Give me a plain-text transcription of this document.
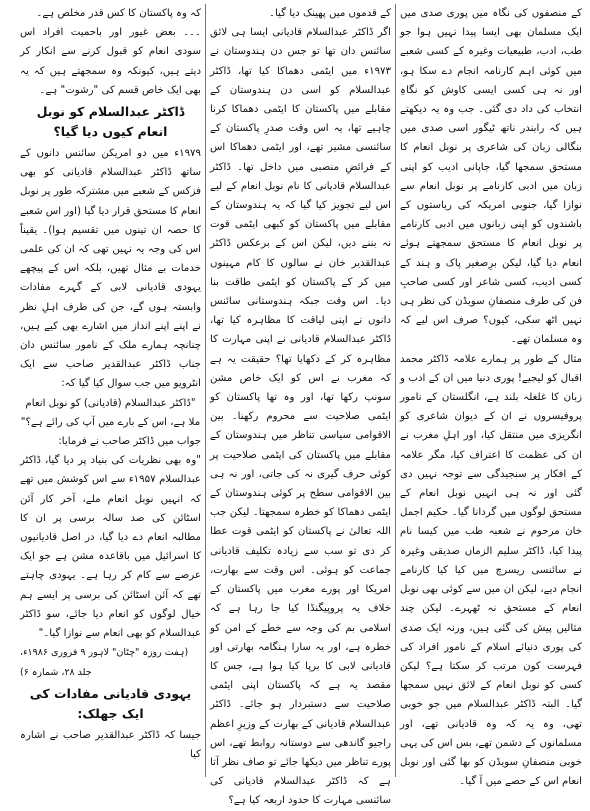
کے منصفوں کی نگاہ میں پوری صدی میں ایک مسلمان بھی ایسا پیدا نہیں ہوا جو طب، ادب، طبیعیات وغیرہ کے کسی شعبے میں کوئی اہم کارنامہ انجام دے سکا ہو، اور نہ ہی کسی ایسی کاوش کو نگاہِ انتخاب کی داد دی گئی۔ جب وہ یہ دیکھتے ہیں کہ رابندر ناتھ ٹیگور اسی صدی میں بنگالی زبان کی شاعری پر نوبل انعام کا مستحق سمجھا گیا، جاپانی ادیب کو اپنی زبان میں ادبی کارنامے پر نوبل انعام سے نوازا گیا، جنوبی امریکہ کی ریاستوں کے باشندوں کو اپنی زبانوں میں ادبی کارنامے پر نوبل انعام کا مستحق سمجھتے ہوئے انعام دیا گیا، لیکن برِصغیر پاک و ہند کے کسی ادیب، کسی شاعر اور کسی صاحبِ فن کی طرف منصفانِ سویڈن کی نظر ہی نہیں اٹھ سکی، کیوں؟ صرف اس لیے کہ وہ مسلمان تھے۔

مثال کے طور پر ہمارے علامہ ڈاکٹر محمد اقبال کو لیجیے! پوری دنیا میں ان کے ادب و زبان کا غلغلہ بلند ہے، انگلستان کے نامور پروفیسروں نے ان کے دیوان شاعری کو انگریزی میں منتقل کیا، اور اہلِ مغرب نے ان کی عظمت کا اعتراف کیا، مگر علامہ کے افکار پر سنجیدگی سے توجہ نہیں دی گئی اور نہ ہی انہیں نوبل انعام کے مستحق لوگوں میں گردانا گیا۔ حکیم اجمل خان مرحوم نے شعبہ طب میں کیسا نام پیدا کیا، ڈاکٹر سلیم الزماں صدیقی وغیرہ نے سائنسی ریسرچ میں کیا کیا کارنامے انجام دیے، لیکن ان میں سے کوئی بھی نوبل انعام کے مستحق نہ ٹھہرے۔ لیکن چند مثالیں پیش کی گئی ہیں، ورنہ ایک صدی کی پوری دنیائے اسلام کے نامور افراد کی فہرست کون مرتب کر سکتا ہے؟ لیکن کسی کو نوبل انعام کے لائق نہیں سمجھا گیا۔ البتہ ڈاکٹر عبدالسلام میں جو خوبی تھی، وہ یہ کہ وہ قادیانی تھے، اور مسلمانوں کے دشمن تھے، بس اس کی یہی خوبی منصفانِ سویڈن کو بھا گئی اور نوبل انعام اس کے حصے میں آ گیا۔

کے قدموں میں پھینک دیا گیا۔

اگر ڈاکٹر عبدالسلام قادیانی ایسا ہی لائق سائنس دان تھا تو جس دن ہندوستان نے ۱۹۷۳ء میں ایٹمی دھماکا کیا تھا، ڈاکٹر عبدالسلام کو اسی دن ہندوستان کے مقابلے میں پاکستان کا ایٹمی دھماکا کرنا چاہیے تھا، یہ اس وقت صدرِ پاکستان کے سائنسی مشیر تھے، اور ایٹمی دھماکا اس کے فرائضِ منصبی میں داخل تھا۔ ڈاکٹر عبدالسلام قادیانی کا نام نوبل انعام کے لیے اس لیے تجویز کیا گیا کہ یہ ہندوستان کے مقابلے میں پاکستان کو کبھی ایٹمی قوت نہ بننے دیں، لیکن اس کے برعکس ڈاکٹر عبدالقدیر خان نے سالوں کا کام مہینوں میں کر کے پاکستان کو ایٹمی طاقت بنا دیا۔ اس وقت جبکہ ہندوستانی سائنس دانوں نے اپنی لیاقت کا مظاہرہ کیا تھا، ڈاکٹر عبدالسلام قادیانی نے اپنی مہارت کا مظاہرہ کر کے دکھایا تھا؟ حقیقت یہ ہے کہ مغرب نے اس کو ایک خاص مشن سونپ رکھا تھا، اور وہ تھا پاکستان کو ایٹمی صلاحیت سے محروم رکھنا۔ بین الاقوامی سیاسی تناظر میں ہندوستان کے مقابلے میں پاکستان کی ایٹمی صلاحیت پر کوئی حرف گیری نہ کی جاتی، اور نہ ہی بین الاقوامی سطح پر کوئی ہندوستان کے ایٹمی دھماکا کو خطرہ سمجھتا۔ لیکن جب اللہ تعالیٰ نے پاکستان کو ایٹمی قوت عطا کر دی تو سب سے زیادہ تکلیف قادیانی جماعت کو ہوئی۔ اس وقت سے بھارت، امریکا اور پورے مغرب میں پاکستان کے خلاف یہ پروپیگنڈا کیا جا رہا ہے کہ اسلامی بم کی وجہ سے خطے کے امن کو خطرہ ہے، اور یہ سارا ہنگامہ بھارتی اور قادیانی لابی کا برپا کیا ہوا ہے، جس کا مقصد یہ ہے کہ پاکستان اپنی ایٹمی صلاحیت سے دستبردار ہو جائے۔ ڈاکٹر عبدالسلام قادیانی کے بھارت کے وزیرِ اعظم راجیو گاندھی سے دوستانہ روابط تھے، اس پورے تناظر میں دیکھا جائے تو صاف نظر آتا ہے کہ ڈاکٹر عبدالسلام قادیانی کی سائنسی مہارت کا حدود اربعہ کیا ہے؟

کہ وہ پاکستان کا کس قدر مخلص ہے۔

۔۔۔ بعض غیور اور باحمیت افراد اس سودی انعام کو قبول کرنے سے انکار کر دیتے ہیں، کیونکہ وہ سمجھتے ہیں کہ یہ بھی ایک خاص قسم کی "رشوت" ہے۔

ڈاکٹر عبدالسلام کو نوبل انعام کیوں دیا گیا؟

۱۹۷۹ء میں دو امریکن سائنس دانوں کے ساتھ ڈاکٹر عبدالسلام قادیانی کو بھی فزکس کے شعبے میں مشترکہ طور پر نوبل انعام کا مستحق قرار دیا گیا (اور اس شعبے کا حصہ ان تینوں میں تقسیم ہوا)۔ یقیناً اس کی وجہ یہ نہیں تھی کہ ان کی علمی خدمات بے مثال تھیں، بلکہ اس کے پیچھے یہودی قادیانی لابی کے گہرے مفادات وابستہ ہوں گے، جن کی طرف اہلِ نظر نے اپنے اپنے انداز میں اشارے بھی کیے ہیں، چنانچہ ہمارے ملک کے نامور سائنس دان جناب ڈاکٹر عبدالقدیر صاحب سے ایک انٹرویو میں جب سوال کیا گیا کہ:

"ڈاکٹر عبدالسلام (قادیانی) کو نوبل انعام ملا ہے، اس کے بارے میں آپ کی رائے ہے؟"

جواب میں ڈاکٹر صاحب نے فرمایا:

"وہ بھی نظریات کی بنیاد پر دیا گیا، ڈاکٹر عبدالسلام ۱۹۵۷ء سے اس کوشش میں تھے کہ انہیں نوبل انعام ملے، آخر کار آئن اسٹائن کی صد سالہ برسی پر ان کا مطالبہ انعام دے دیا گیا، در اصل قادیانیوں کا اسرائیل میں باقاعدہ مشن ہے جو ایک عرصے سے کام کر رہا ہے۔ یہودی چاہتے تھے کہ آئن اسٹائن کی برسی پر ایسے ہم خیال لوگوں کو انعام دیا جائے، سو ڈاکٹر عبدالسلام کو بھی انعام سے نوازا گیا۔"

(ہفت روزہ "چٹان" لاہور ۹ فروری ۱۹۸۶ء، جلد ۲۸، شمارہ ۶)

یہودی قادیانی مفادات کی ایک جھلک:

جیسا کہ ڈاکٹر عبدالقدیر صاحب نے اشارہ کیا
